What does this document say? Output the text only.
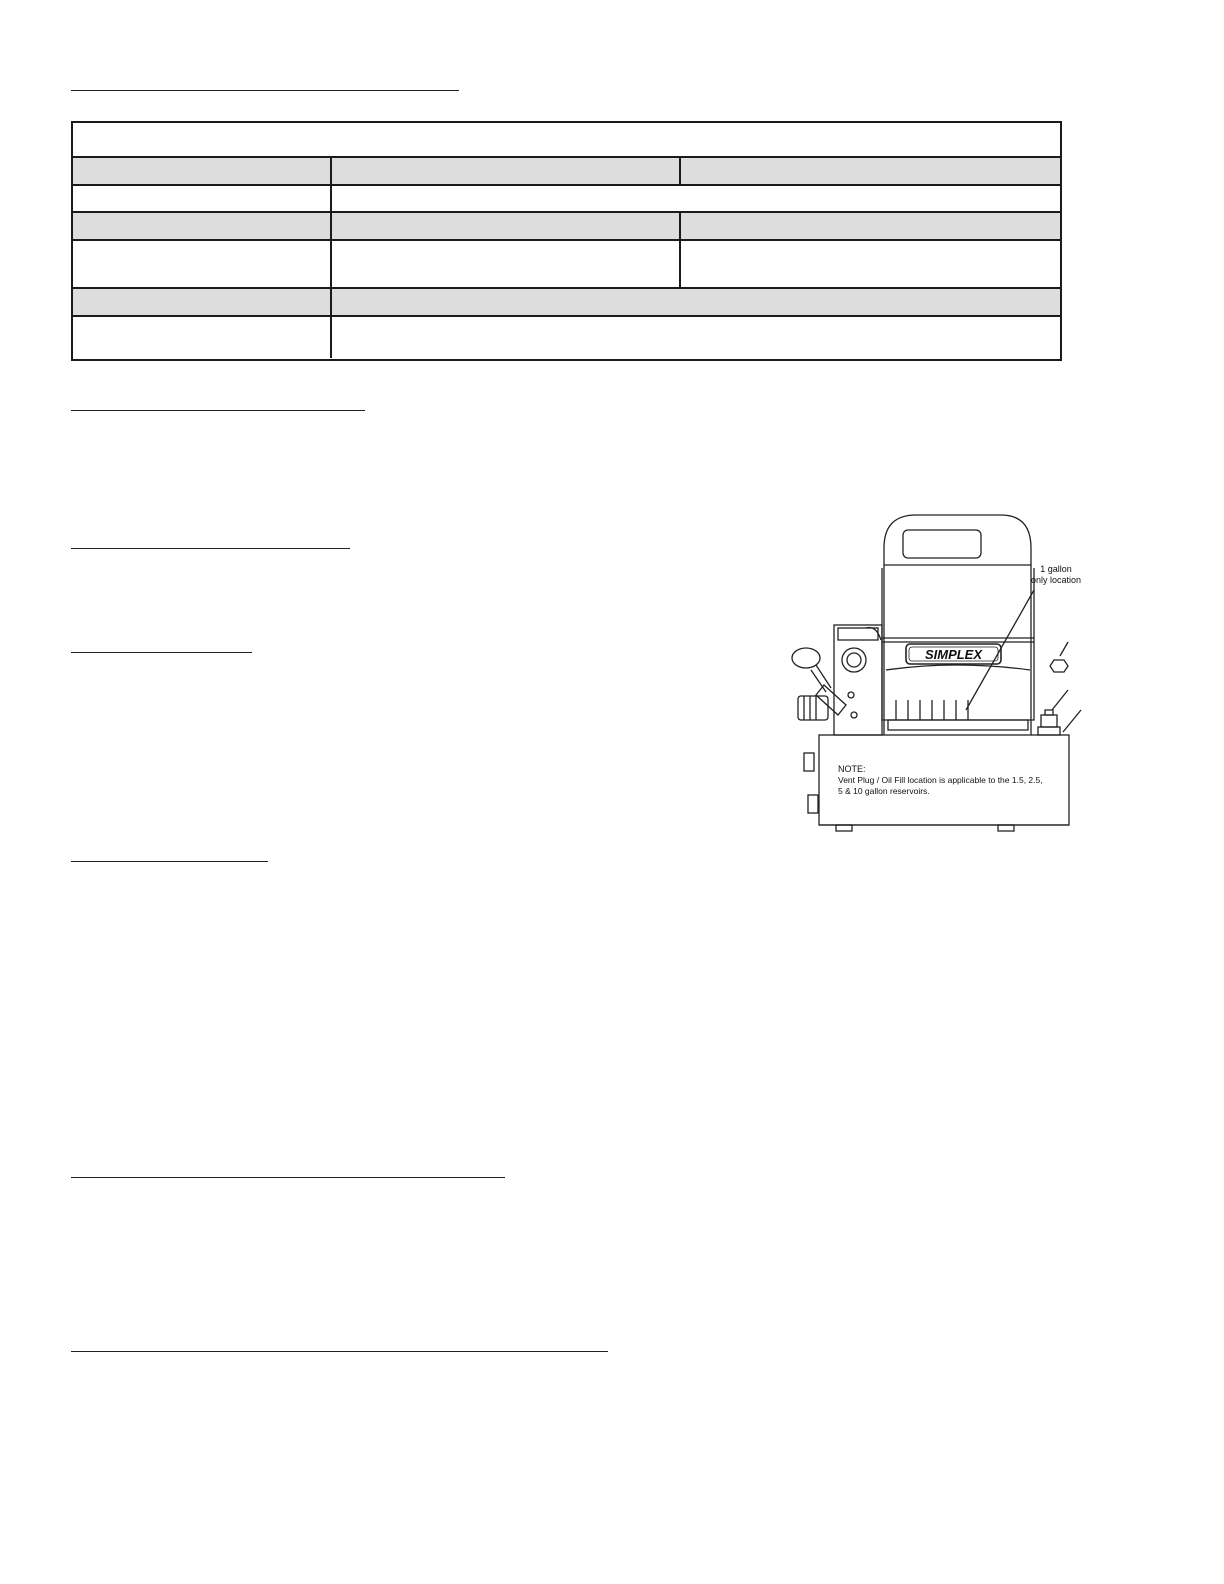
SIMPLEX
1 gallon
only location
NOTE:
Vent Plug / Oil Fill location is applicable to the 1.5, 2.5,
5 & 10 gallon reservoirs.
